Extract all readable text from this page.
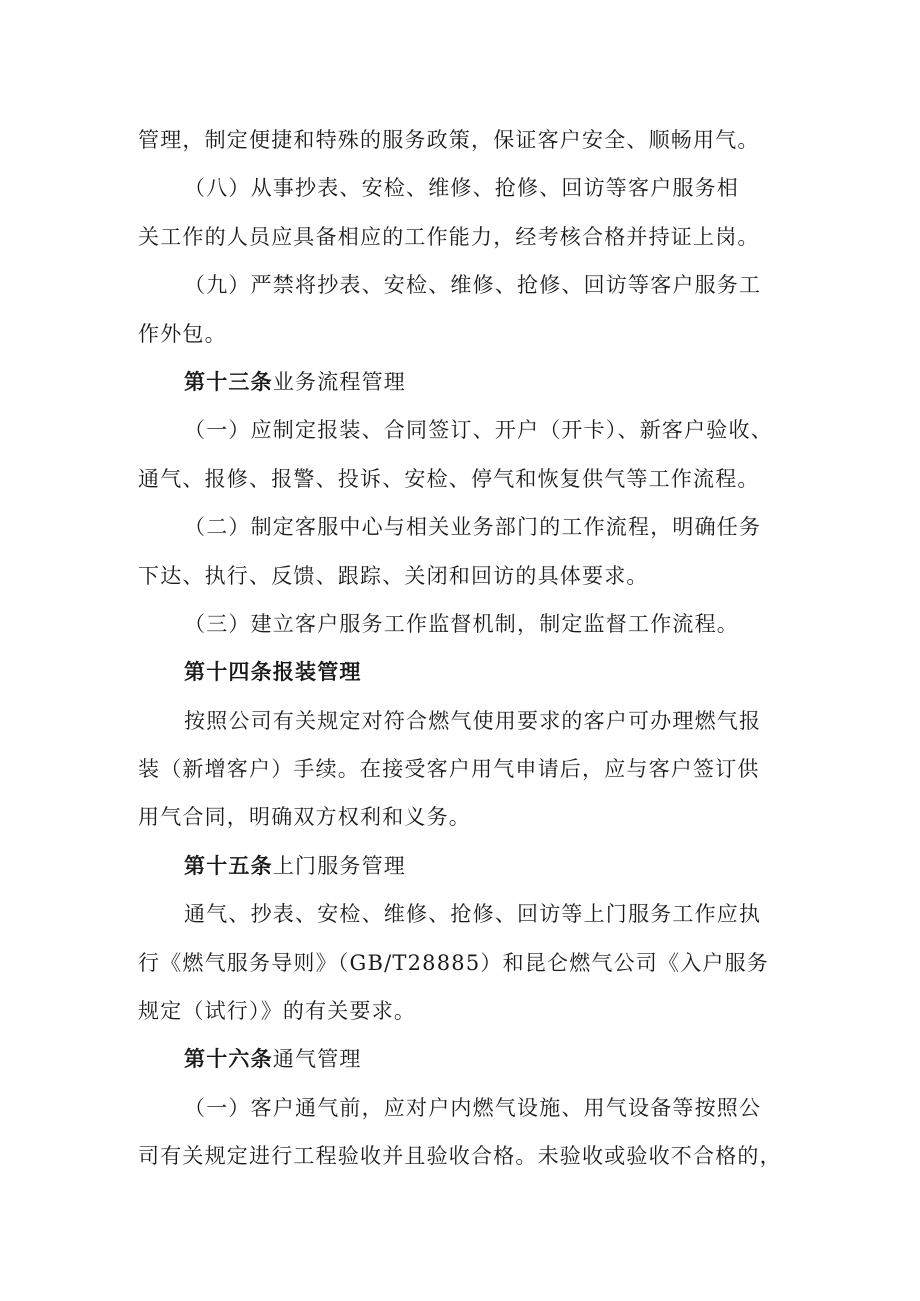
管理，制定便捷和特殊的服务政策，保证客户安全、顺畅用气。
（八）从事抄表、安检、维修、抢修、回访等客户服务相
关工作的人员应具备相应的工作能力，经考核合格并持证上岗。
（九）严禁将抄表、安检、维修、抢修、回访等客户服务工
作外包。
第十三条业务流程管理
（一）应制定报装、合同签订、开户（开卡）、新客户验收、
通气、报修、报警、投诉、安检、停气和恢复供气等工作流程。
（二）制定客服中心与相关业务部门的工作流程，明确任务
下达、执行、反馈、跟踪、关闭和回访的具体要求。
（三）建立客户服务工作监督机制，制定监督工作流程。
第十四条报装管理
按照公司有关规定对符合燃气使用要求的客户可办理燃气报
装（新增客户）手续。在接受客户用气申请后，应与客户签订供
用气合同，明确双方权利和义务。
第十五条上门服务管理
通气、抄表、安检、维修、抢修、回访等上门服务工作应执
行《燃气服务导则》（GB/T28885）和昆仑燃气公司《入户服务
规定（试行）》的有关要求。
第十六条通气管理
（一）客户通气前，应对户内燃气设施、用气设备等按照公
司有关规定进行工程验收并且验收合格。未验收或验收不合格的，
